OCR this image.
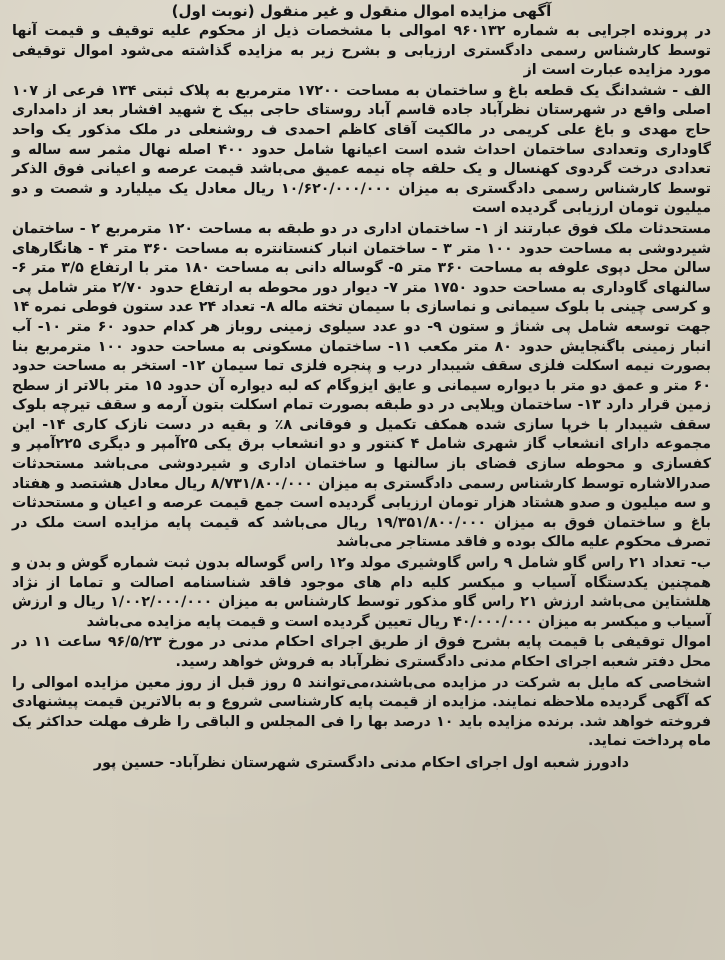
آگهی مزایده اموال منقول و غیر منقول (نوبت اول)
در پرونده اجرایی به شماره ۹۶۰۱۳۲ اموالی با مشخصات ذیل از محکوم علیه توقیف و قیمت آنها توسط کارشناس رسمی دادگستری ارزیابی و بشرح زیر به مزایده گذاشته می‌شود اموال توقیفی مورد مزایده عبارت است از
الف - ششدانگ یک قطعه باغ و ساختمان به مساحت ۱۷۲۰۰ مترمربع به پلاک ثبتی ۱۳۴ فرعی از ۱۰۷ اصلی واقع در شهرستان نظرآباد جاده قاسم آباد روستای حاجی بیک خ شهید افشار بعد از دامداری حاج مهدی و باغ علی کریمی در مالکیت آقای کاظم احمدی ف روشنعلی در ملک مذکور یک واحد گاوداری وتعدادی ساختمان احداث شده است اعیانها شامل حدود ۴۰۰ اصله نهال مثمر سه ساله و تعدادی درخت گردوی کهنسال و یک حلقه چاه نیمه عمیق می‌باشد قیمت عرصه و اعیانی فوق الذکر توسط کارشناس رسمی دادگستری به میزان ۱۰/۶۲۰/۰۰۰/۰۰۰ ریال معادل یک میلیارد و شصت و دو میلیون تومان ارزیابی گردیده است
مستحدثات ملک فوق عبارتند از ۱- ساختمان اداری در دو طبقه به مساحت ۱۲۰ مترمربع ۲ - ساختمان شیردوشی به مساحت حدود ۱۰۰ متر ۳ - ساختمان انبار کنستانتره به مساحت ۳۶۰ متر ۴ - هانگارهای سالن محل دپوی علوفه به مساحت ۳۶۰ متر ۵- گوساله دانی به مساحت ۱۸۰ متر با ارتفاع ۳/۵ متر ۶- سالنهای گاوداری به مساحت حدود ۱۷۵۰ متر ۷- دیوار دور محوطه به ارتفاع حدود ۲/۷۰ متر شامل پی و کرسی چینی با بلوک سیمانی و نماسازی با سیمان تخته ماله ۸- تعداد ۲۴ عدد ستون فوطی نمره ۱۴ جهت توسعه شامل پی شناژ و ستون ۹- دو عدد سیلوی زمینی روباز هر کدام حدود ۶۰ متر ۱۰- آب انبار زمینی باگنجایش حدود ۸۰ متر مکعب ۱۱- ساختمان مسکونی به مساحت حدود ۱۰۰ مترمربع بنا بصورت نیمه اسکلت فلزی سقف شیبدار درب و پنجره فلزی تما سیمان ۱۲- استخر به مساحت حدود ۶۰ متر و عمق دو متر با دیواره سیمانی و عایق ایزوگام که لبه دیواره آن حدود ۱۵ متر بالاتر از سطح زمین قرار دارد ۱۳- ساختمان ویلایی در دو طبقه بصورت تمام اسکلت بتون آرمه و سقف تیرچه بلوک سقف شیبدار با خرپا سازی شده همکف تکمیل و فوقانی ۸٪ و بقیه در دست نازک کاری ۱۴- این مجموعه دارای انشعاب گاز شهری شامل ۴ کنتور و دو انشعاب برق یکی ۲۵آمپر و دیگری ۲۲۵آمپر و کفسازی و محوطه سازی فضای باز سالنها و ساختمان اداری و شیردوشی می‌باشد مستحدثات صدرالاشاره توسط کارشناس رسمی دادگستری به میزان ۸/۷۳۱/۸۰۰/۰۰۰ ریال معادل هشتصد و هفتاد و سه میلیون و صدو هشتاد هزار تومان ارزیابی گردیده است جمع قیمت عرصه و اعیان و مستحدثات باغ و ساختمان فوق به میزان ۱۹/۳۵۱/۸۰۰/۰۰۰ ریال می‌باشد که قیمت پایه مزایده است ملک در تصرف محکوم علیه مالک بوده و فاقد مستاجر می‌باشد
ب- تعداد ۲۱ راس گاو شامل ۹ راس گاوشیری مولد و۱۲ راس گوساله بدون ثبت شماره گوش و بدن و همچنین یکدستگاه آسیاب و میکسر کلیه دام های موجود فاقد شناسنامه اصالت و تماما از نژاد هلشتاین می‌باشد ارزش ۲۱ راس گاو مذکور توسط کارشناس به میزان ۱/۰۰۲/۰۰۰/۰۰۰ ریال و ارزش آسیاب و میکسر به میزان ۴۰/۰۰۰/۰۰۰ ریال تعیین گردیده است و قیمت پایه مزایده می‌باشد
اموال توقیفی با قیمت پایه بشرح فوق از طریق اجرای احکام مدنی در مورخ ۹۶/۵/۲۳ ساعت ۱۱ در محل دفتر شعبه اجرای احکام مدنی دادگستری نظرآباد به فروش خواهد رسید.
اشخاصی که مایل به شرکت در مزایده می‌باشند،می‌توانند ۵ روز قبل از روز معین مزایده اموالی را که آگهی گردیده ملاحظه نمایند. مزایده از قیمت پایه کارشناسی شروع و به بالاترین قیمت پیشنهادی فروخته خواهد شد. برنده مزایده باید ۱۰ درصد بها را فی المجلس و الباقی را ظرف مهلت حداکثر یک ماه پرداخت نماید.
دادورز شعبه اول اجرای احکام مدنی دادگستری شهرستان نظرآباد- حسین پور
